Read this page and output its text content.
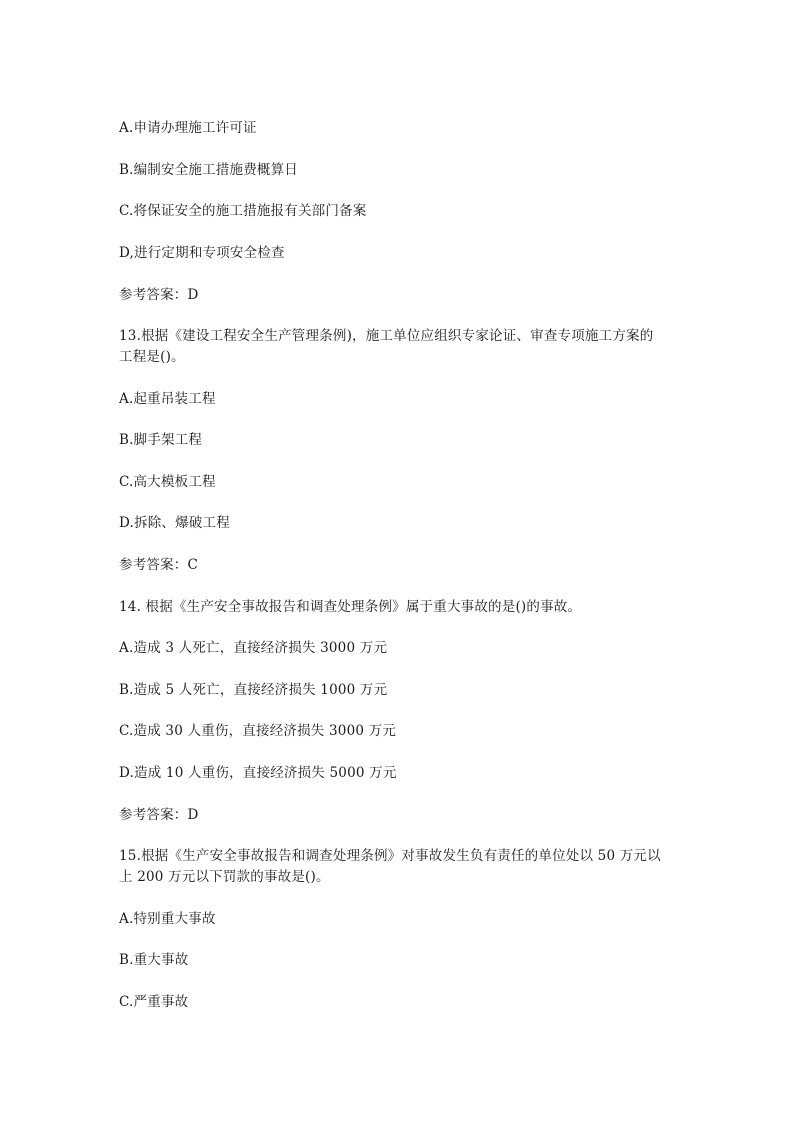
A.申请办理施工许可证
B.编制安全施工措施费概算日
C.将保证安全的施工措施报有关部门备案
D,进行定期和专项安全检查
参考答案：D
13.根据《建设工程安全生产管理条例)，施工单位应组织专家论证、审查专项施工方案的
工程是()。
A.起重吊装工程
B.脚手架工程
C.高大模板工程
D.拆除、爆破工程
参考答案：C
14. 根据《生产安全事故报告和调查处理条例》属于重大事故的是()的事故。
A.造成 3 人死亡，直接经济损失 3000 万元
B.造成 5 人死亡，直接经济损失 1000 万元
C.造成 30 人重伤，直接经济损失 3000 万元
D.造成 10 人重伤，直接经济损失 5000 万元
参考答案：D
15.根据《生产安全事故报告和调查处理条例》对事故发生负有责任的单位处以 50 万元以
上 200 万元以下罚款的事故是()。
A.特别重大事故
B.重大事故
C.严重事故
